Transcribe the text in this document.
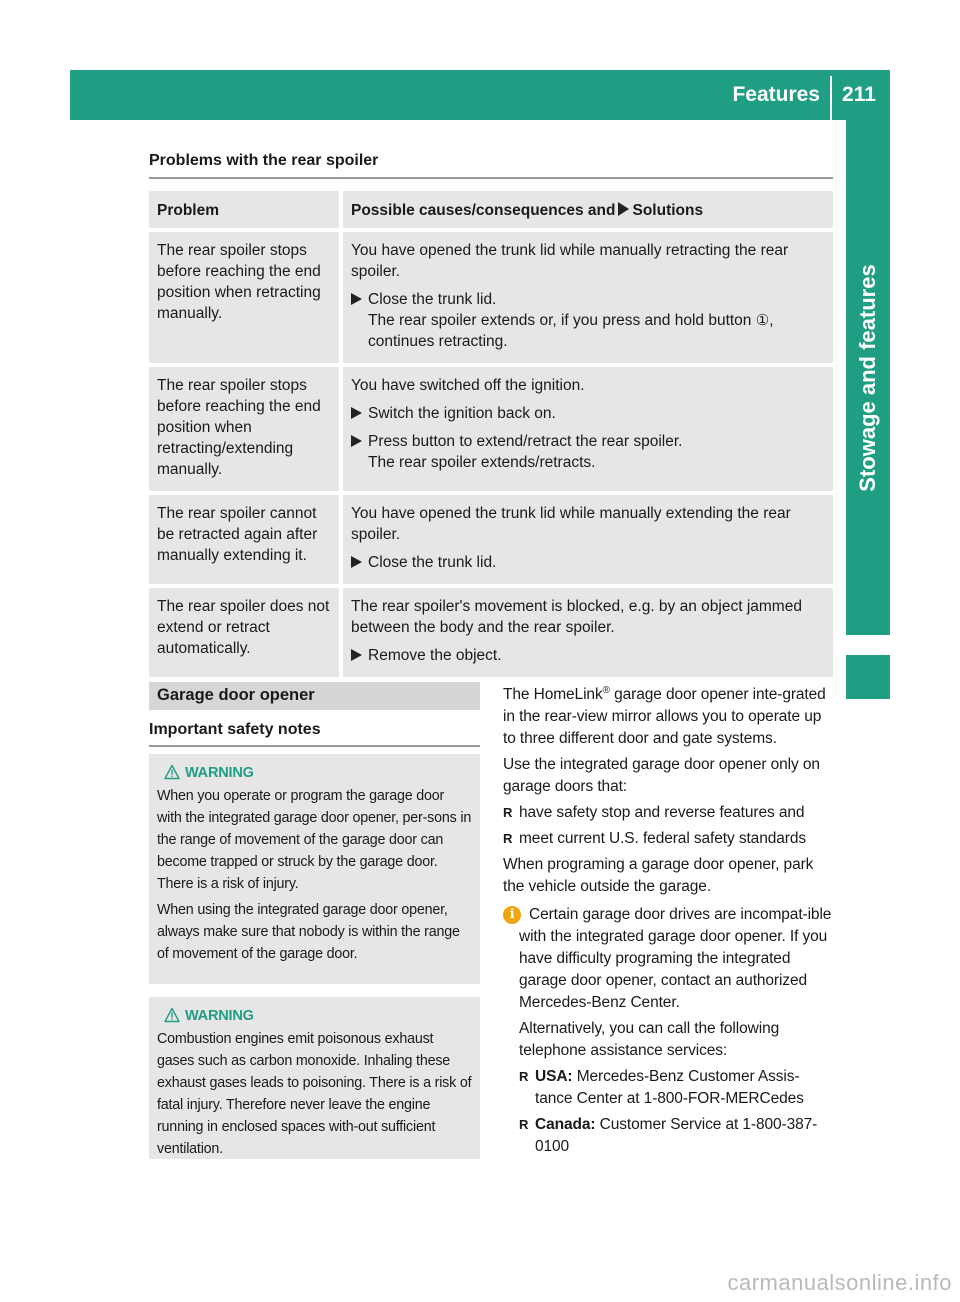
Features 211
Stowage and features
Problems with the rear spoiler
Problem	Possible causes/consequences and Solutions
The rear spoiler stops before reaching the end position when retracting manually.	You have opened the trunk lid while manually retracting the rear spoiler.

Close the trunk lid.

The rear spoiler extends or, if you press and hold button ①, continues retracting.

The rear spoiler stops before reaching the end position when retracting/extending manually.	You have switched off the ignition.

Switch the ignition back on.

Press button to extend/retract the rear spoiler.

The rear spoiler extends/retracts.

The rear spoiler cannot be retracted again after manually extending it.	You have opened the trunk lid while manually extending the rear spoiler.

Close the trunk lid.

The rear spoiler does not extend or retract automatically.	The rear spoiler's movement is blocked, e.g. by an object jammed between the body and the rear spoiler.

Remove the object.

Garage door opener
Important safety notes
WARNING

When you operate or program the garage door with the integrated garage door opener, per-sons in the range of movement of the garage door can become trapped or struck by the garage door. There is a risk of injury.

When using the integrated garage door opener, always make sure that nobody is within the range of movement of the garage door.

WARNING

Combustion engines emit poisonous exhaust gases such as carbon monoxide. Inhaling these exhaust gases leads to poisoning. There is a risk of fatal injury. Therefore never leave the engine running in enclosed spaces with-out sufficient ventilation.

The HomeLink® garage door opener inte-grated in the rear-view mirror allows you to operate up to three different door and gate systems.

Use the integrated garage door opener only on garage doors that:

R have safety stop and reverse features and
R meet current U.S. federal safety standards

When programing a garage door opener, park the vehicle outside the garage.

i Certain garage door drives are incompat-ible with the integrated garage door opener. If you have difficulty programing the integrated garage door opener, contact an authorized Mercedes-Benz Center.

Alternatively, you can call the following telephone assistance services:

R USA: Mercedes-Benz Customer Assis-tance Center at 1-800-FOR-MERCedes
R Canada: Customer Service at 1-800-387-0100
carmanualsonline.info
